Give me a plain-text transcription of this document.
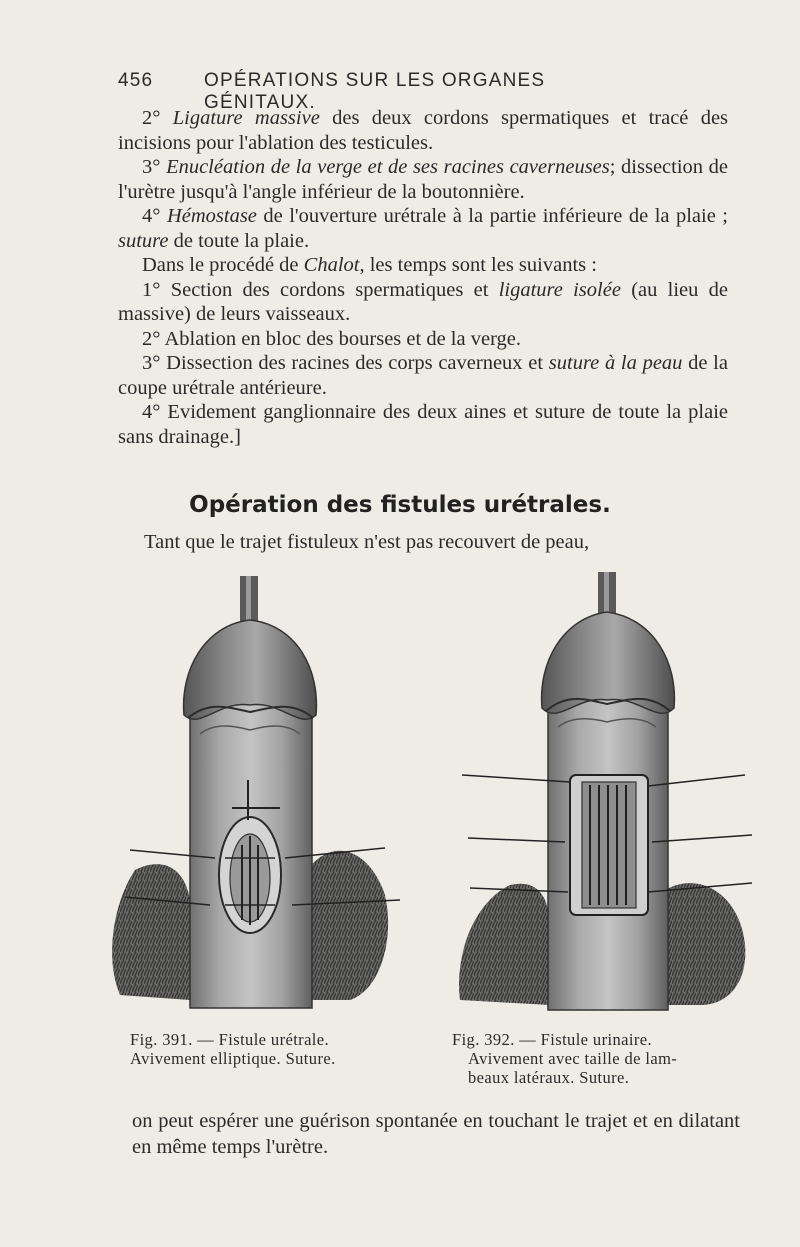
456	OPÉRATIONS SUR LES ORGANES GÉNITAUX.

2° Ligature massive des deux cordons spermatiques et tracé des incisions pour l'ablation des testicules.

3° Enucléation de la verge et de ses racines caverneuses; dissection de l'urètre jusqu'à l'angle inférieur de la boutonnière.

4° Hémostase de l'ouverture urétrale à la partie inférieure de la plaie ; suture de toute la plaie.

Dans le procédé de Chalot, les temps sont les suivants :

1° Section des cordons spermatiques et ligature isolée (au lieu de massive) de leurs vaisseaux.

2° Ablation en bloc des bourses et de la verge.

3° Dissection des racines des corps caverneux et suture à la peau de la coupe urétrale antérieure.

4° Evidement ganglionnaire des deux aines et suture de toute la plaie sans drainage.]

Opération des fistules urétrales.
Tant que le trajet fistuleux n'est pas recouvert de peau,
Fig. 391. — Fistule urétrale.
Avivement elliptique. Suture.
Fig. 392. — Fistule urinaire.
Avivement avec taille de lam-
beaux latéraux. Suture.
on peut espérer une guérison spontanée en touchant le trajet et en dilatant en même temps l'urètre.
